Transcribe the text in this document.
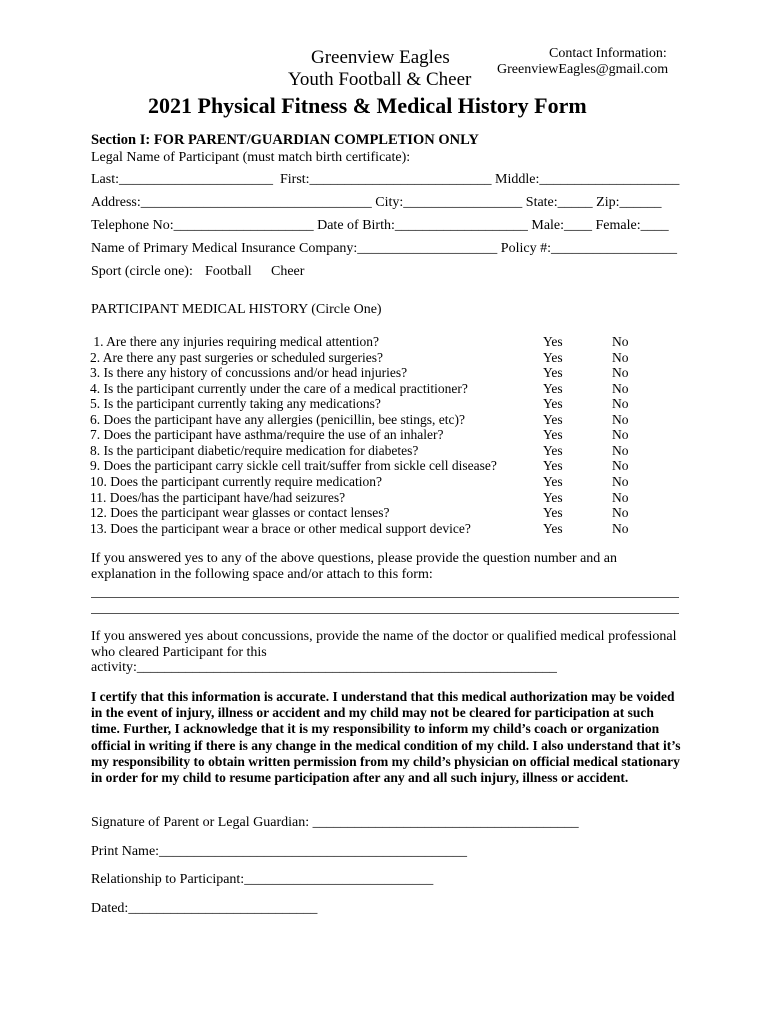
Greenview Eagles
Youth Football & Cheer
Contact Information:
GreenviewEagles@gmail.com
2021 Physical Fitness & Medical History Form
Section I: FOR PARENT/GUARDIAN COMPLETION ONLY
Legal Name of Participant (must match birth certificate):
Last:______________________  First:__________________________ Middle:____________________
Address:_________________________________ City:_________________ State:_____ Zip:______
Telephone No:____________________ Date of Birth:___________________ Male:____ Female:____
Name of Primary Medical Insurance Company:____________________ Policy #:__________________
Sport (circle one): Football Cheer
PARTICIPANT MEDICAL HISTORY (Circle One)
1. Are there any injuries requiring medical attention?	Yes	No
2. Are there any past surgeries or scheduled surgeries?	Yes	No
3. Is there any history of concussions and/or head injuries?	Yes	No
4. Is the participant currently under the care of a medical practitioner?	Yes	No
5. Is the participant currently taking any medications?	Yes	No
6. Does the participant have any allergies (penicillin, bee stings, etc)?	Yes	No
7. Does the participant have asthma/require the use of an inhaler?	Yes	No
8. Is the participant diabetic/require medication for diabetes?	Yes	No
9. Does the participant carry sickle cell trait/suffer from sickle cell disease?	Yes	No
10. Does the participant currently require medication?	Yes	No
11. Does/has the participant have/had seizures?	Yes	No
12. Does the participant wear glasses or contact lenses?	Yes	No
13. Does the participant wear a brace or other medical support device?	Yes	No
If you answered yes to any of the above questions, please provide the question number and an explanation in the following space and/or attach to this form:
If you answered yes about concussions, provide the name of the doctor or qualified medical professional who cleared Participant for this
activity:____________________________________________________________
I certify that this information is accurate. I understand that this medical authorization may be voided in the event of injury, illness or accident and my child may not be cleared for participation at such time. Further, I acknowledge that it is my responsibility to inform my child’s coach or organization official in writing if there is any change in the medical condition of my child. I also understand that it’s my responsibility to obtain written permission from my child’s physician on official medical stationary in order for my child to resume participation after any and all such injury, illness or accident.
Signature of Parent or Legal Guardian: ______________________________________
Print Name:____________________________________________
Relationship to Participant:___________________________
Dated:___________________________
